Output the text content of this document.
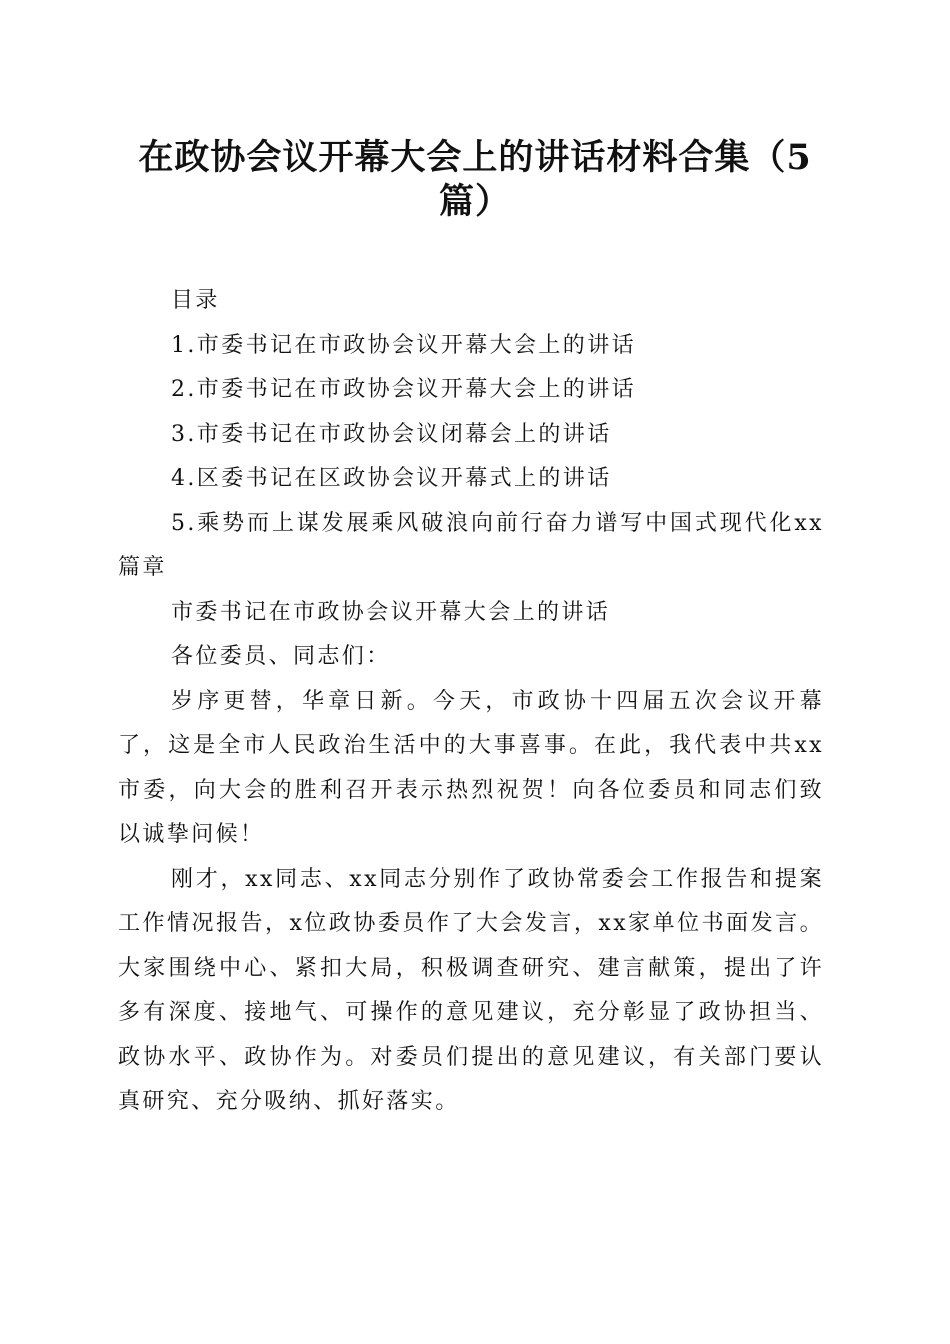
在政协会议开幕大会上的讲话材料合集（5篇）

目录

1.市委书记在市政协会议开幕大会上的讲话

2.市委书记在市政协会议开幕大会上的讲话

3.市委书记在市政协会议闭幕会上的讲话

4.区委书记在区政协会议开幕式上的讲话

5.乘势而上谋发展乘风破浪向前行奋力谱写中国式现代化xx篇章

市委书记在市政协会议开幕大会上的讲话

各位委员、同志们：

岁序更替，华章日新。今天，市政协十四届五次会议开幕了，这是全市人民政治生活中的大事喜事。在此，我代表中共xx市委，向大会的胜利召开表示热烈祝贺！向各位委员和同志们致以诚挚问候！

刚才，xx同志、xx同志分别作了政协常委会工作报告和提案工作情况报告，x位政协委员作了大会发言，xx家单位书面发言。大家围绕中心、紧扣大局，积极调查研究、建言献策，提出了许多有深度、接地气、可操作的意见建议，充分彰显了政协担当、政协水平、政协作为。对委员们提出的意见建议，有关部门要认真研究、充分吸纳、抓好落实。
